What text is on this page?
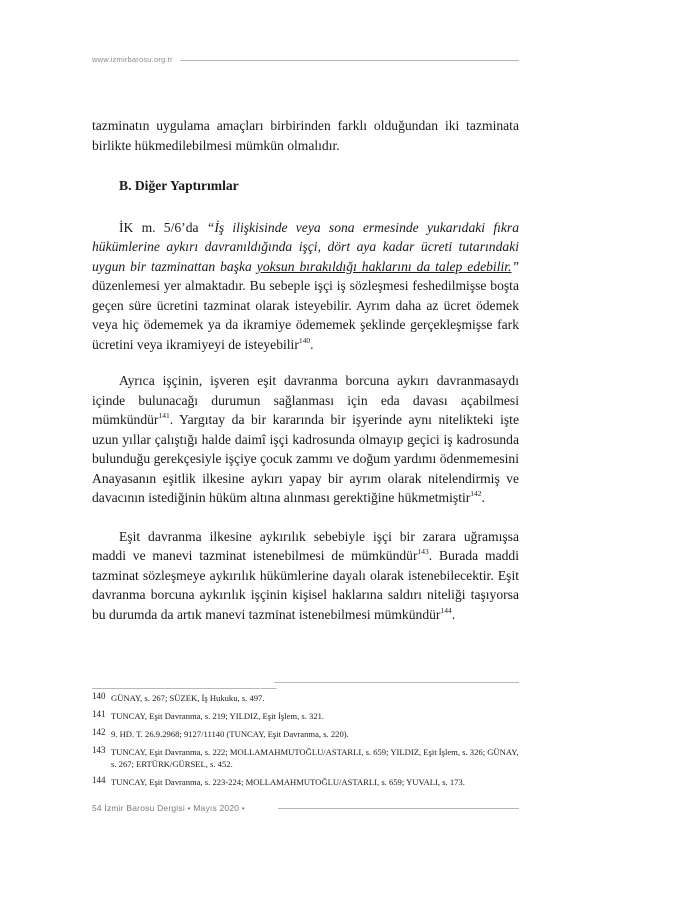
www.izmirbarosu.org.tr

tazminatın uygulama amaçları birbirinden farklı olduğundan iki tazminata birlikte hükmedilebilmesi mümkün olmalıdır.

B. Diğer Yaptırımlar

İK m. 5/6’da “İş ilişkisinde veya sona ermesinde yukarıdaki fıkra hükümlerine aykırı davranıldığında işçi, dört aya kadar ücreti tutarındaki uygun bir tazminattan başka yoksun bırakıldığı haklarını da talep edebilir.” düzenlemesi yer almaktadır. Bu sebeple işçi iş sözleşmesi feshedilmişse boşta geçen süre ücretini tazminat olarak isteyebilir. Ayrım daha az ücret ödemek veya hiç ödememek ya da ikramiye ödememek şeklinde gerçekleşmişse fark ücretini veya ikramiyeyi de isteyebilir$^{140}$.

Ayrıca işçinin, işveren eşit davranma borcuna aykırı davranmasaydı içinde bulunacağı durumun sağlanması için eda davası açabilmesi mümkündür$^{141}$. Yargıtay da bir kararında bir işyerinde aynı nitelikteki işte uzun yıllar çalıştığı halde daimî işçi kadrosunda olmayıp geçici iş kadrosunda bulunduğu gerekçesiyle işçiye çocuk zammı ve doğum yardımı ödenmemesini Anayasanın eşitlik ilkesine aykırı yapay bir ayrım olarak nitelendirmiş ve davacının istediğinin hüküm altına alınması gerektiğine hükmetmiştir$^{142}$.

Eşit davranma ilkesine aykırılık sebebiyle işçi bir zarara uğramışsa maddi ve manevi tazminat istenebilmesi de mümkündür$^{143}$. Burada maddi tazminat sözleşmeye aykırılık hükümlerine dayalı olarak istenebilecektir. Eşit davranma borcuna aykırılık işçinin kişisel haklarına saldırı niteliği taşıyorsa bu durumda da artık manevi tazminat istenebilmesi mümkündür$^{144}$.

140 GÜNAY, s. 267; SÜZEK, İş Hukuku, s. 497.
141 TUNCAY, Eşit Davranma, s. 219; YILDIZ, Eşit İşlem, s. 321.
142 9. HD. T. 26.9.2968; 9127/11140 (TUNCAY, Eşit Davranma, s. 220).
143 TUNCAY, Eşit Davranma, s. 222; MOLLAMAHMUTOĞLU/ASTARLI, s. 659; YILDIZ, Eşit İşlem, s. 326; GÜNAY, s. 267; ERTÜRK/GÜRSEL, s. 452.
144 TUNCAY, Eşit Davranma, s. 223-224; MOLLAMAHMUTOĞLU/ASTARLI, s. 659; YUVALI, s. 173.
54 İzmir Barosu Dergisi • Mayıs 2020 •
